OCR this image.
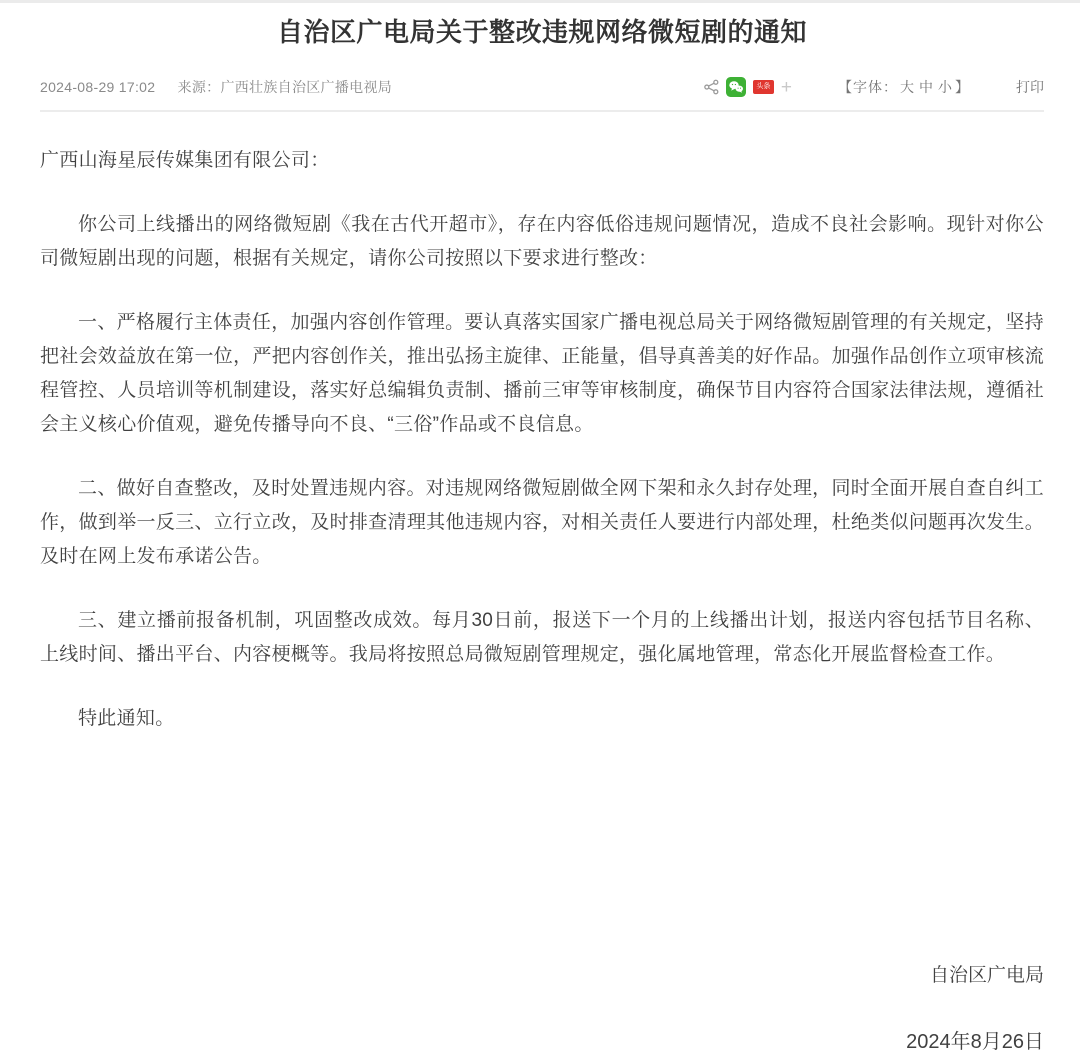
自治区广电局关于整改违规网络微短剧的通知
2024-08-29 17:02 来源：广西壮族自治区广播电视局	头条 +	【字体： 大 中 小 】	打印

广西山海星辰传媒集团有限公司：

你公司上线播出的网络微短剧《我在古代开超市》，存在内容低俗违规问题情况，造成不良社会影响。现针对你公司微短剧出现的问题，根据有关规定，请你公司按照以下要求进行整改：

一、严格履行主体责任，加强内容创作管理。要认真落实国家广播电视总局关于网络微短剧管理的有关规定，坚持把社会效益放在第一位，严把内容创作关，推出弘扬主旋律、正能量，倡导真善美的好作品。加强作品创作立项审核流程管控、人员培训等机制建设，落实好总编辑负责制、播前三审等审核制度，确保节目内容符合国家法律法规，遵循社会主义核心价值观，避免传播导向不良、“三俗”作品或不良信息。

二、做好自查整改，及时处置违规内容。对违规网络微短剧做全网下架和永久封存处理，同时全面开展自查自纠工作，做到举一反三、立行立改，及时排查清理其他违规内容，对相关责任人要进行内部处理，杜绝类似问题再次发生。及时在网上发布承诺公告。

三、建立播前报备机制，巩固整改成效。每月30日前，报送下一个月的上线播出计划，报送内容包括节目名称、上线时间、播出平台、内容梗概等。我局将按照总局微短剧管理规定，强化属地管理，常态化开展监督检查工作。

特此通知。

自治区广电局
2024年8月26日
